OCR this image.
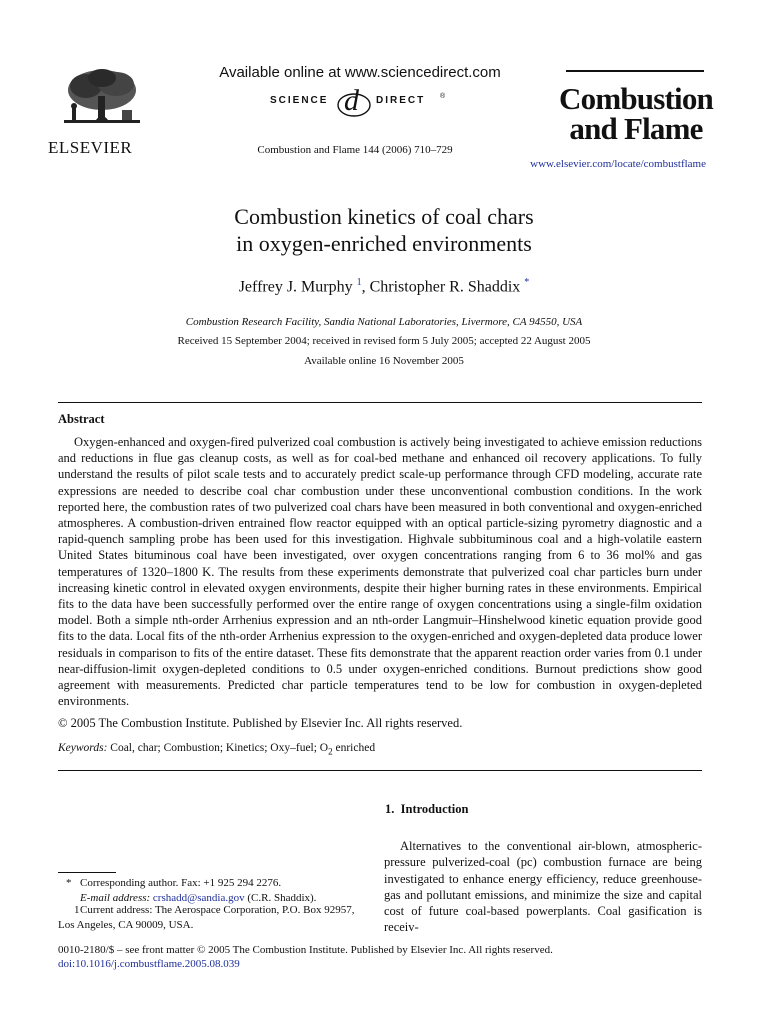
ELSEVIER
Available online at www.sciencedirect.com
SCIENCE d DIRECT ®
Combustion and Flame 144 (2006) 710–729
Combustion
and Flame
www.elsevier.com/locate/combustflame
Combustion kinetics of coal chars
in oxygen-enriched environments
Jeffrey J. Murphy $^1$, Christopher R. Shaddix *
Combustion Research Facility, Sandia National Laboratories, Livermore, CA 94550, USA
Received 15 September 2004; received in revised form 5 July 2005; accepted 22 August 2005
Available online 16 November 2005
Abstract
Oxygen-enhanced and oxygen-fired pulverized coal combustion is actively being investigated to achieve emission reductions and reductions in flue gas cleanup costs, as well as for coal-bed methane and enhanced oil recovery applications. To fully understand the results of pilot scale tests and to accurately predict scale-up performance through CFD modeling, accurate rate expressions are needed to describe coal char combustion under these unconventional combustion conditions. In the work reported here, the combustion rates of two pulverized coal chars have been measured in both conventional and oxygen-enriched atmospheres. A combustion-driven entrained flow reactor equipped with an optical particle-sizing pyrometry diagnostic and a rapid-quench sampling probe has been used for this investigation. Highvale subbituminous coal and a high-volatile eastern United States bituminous coal have been investigated, over oxygen concentrations ranging from 6 to 36 mol% and gas temperatures of 1320–1800 K. The results from these experiments demonstrate that pulverized coal char particles burn under increasing kinetic control in elevated oxygen environments, despite their higher burning rates in these environments. Empirical fits to the data have been successfully performed over the entire range of oxygen concentrations using a single-film oxidation model. Both a simple nth-order Arrhenius expression and an nth-order Langmuir–Hinshelwood kinetic equation provide good fits to the data. Local fits of the nth-order Arrhenius expression to the oxygen-enriched and oxygen-depleted data produce lower residuals in comparison to fits of the entire dataset. These fits demonstrate that the apparent reaction order varies from 0.1 under near-diffusion-limit oxygen-depleted conditions to 0.5 under oxygen-enriched conditions. Burnout predictions show good agreement with measurements. Predicted char particle temperatures tend to be low for combustion in oxygen-depleted environments.
© 2005 The Combustion Institute. Published by Elsevier Inc. All rights reserved.
Keywords: Coal, char; Combustion; Kinetics; Oxy–fuel; $O_2$ enriched
1.  Introduction
Alternatives to the conventional air-blown, atmospheric-pressure pulverized-coal (pc) combustion furnace are being investigated to enhance energy efficiency, reduce greenhouse-gas and pollutant emissions, and minimize the size and capital cost of future coal-based powerplants. Coal gasification is receiv-
* Corresponding author. Fax: +1 925 294 2276.
E-mail address: crshadd@sandia.gov (C.R. Shaddix).
1Current address: The Aerospace Corporation, P.O. Box 92957, Los Angeles, CA 90009, USA.
0010-2180/$ – see front matter © 2005 The Combustion Institute. Published by Elsevier Inc. All rights reserved.
doi:10.1016/j.combustflame.2005.08.039
